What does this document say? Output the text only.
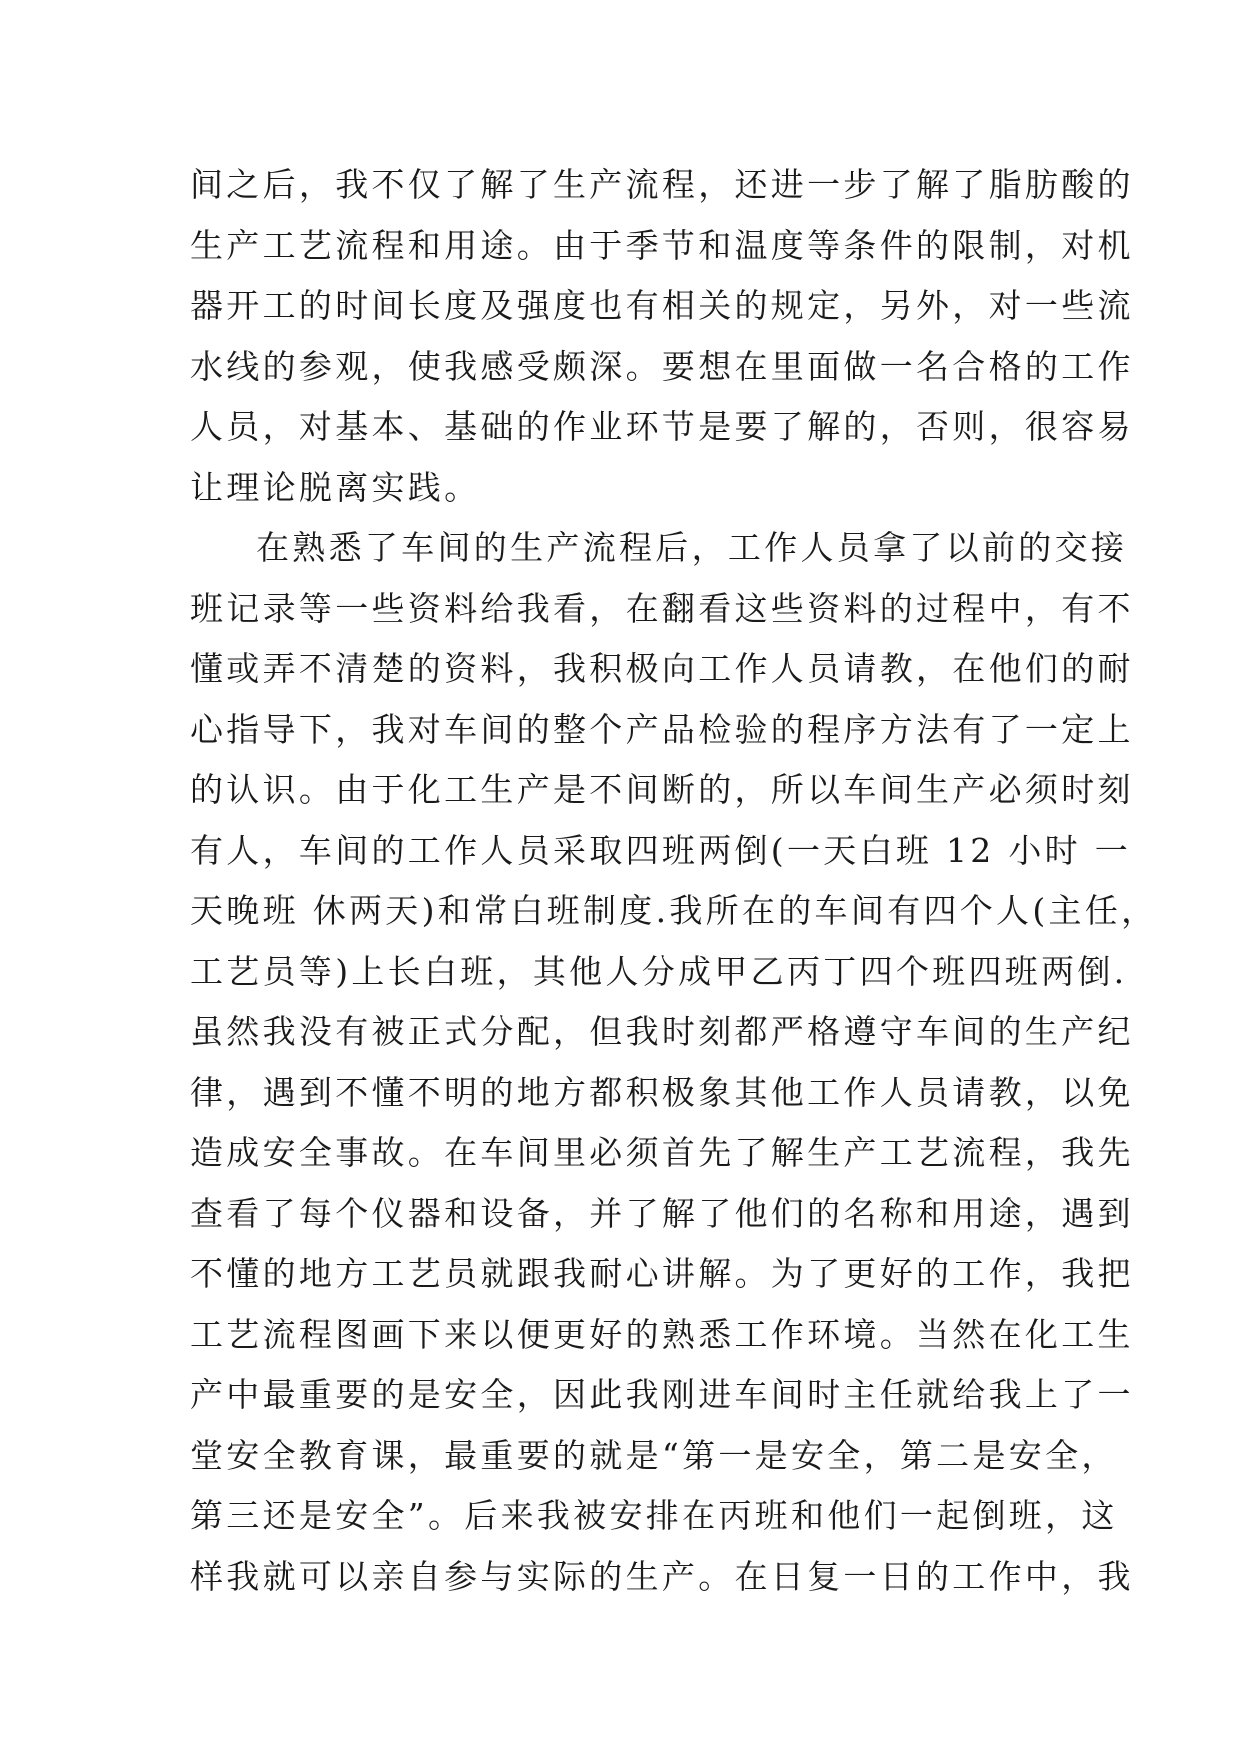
间之后，我不仅了解了生产流程，还进一步了解了脂肪酸的
生产工艺流程和用途。由于季节和温度等条件的限制，对机
器开工的时间长度及强度也有相关的规定，另外，对一些流
水线的参观，使我感受颇深。要想在里面做一名合格的工作
人员，对基本、基础的作业环节是要了解的，否则，很容易
让理论脱离实践。
在熟悉了车间的生产流程后，工作人员拿了以前的交接
班记录等一些资料给我看，在翻看这些资料的过程中，有不
懂或弄不清楚的资料，我积极向工作人员请教，在他们的耐
心指导下，我对车间的整个产品检验的程序方法有了一定上
的认识。由于化工生产是不间断的，所以车间生产必须时刻
有人，车间的工作人员采取四班两倒(一天白班 12 小时 一
天晚班 休两天)和常白班制度.我所在的车间有四个人(主任，
工艺员等)上长白班，其他人分成甲乙丙丁四个班四班两倒.
虽然我没有被正式分配，但我时刻都严格遵守车间的生产纪
律，遇到不懂不明的地方都积极象其他工作人员请教，以免
造成安全事故。在车间里必须首先了解生产工艺流程，我先
查看了每个仪器和设备，并了解了他们的名称和用途，遇到
不懂的地方工艺员就跟我耐心讲解。为了更好的工作，我把
工艺流程图画下来以便更好的熟悉工作环境。当然在化工生
产中最重要的是安全，因此我刚进车间时主任就给我上了一
堂安全教育课，最重要的就是“第一是安全，第二是安全，
第三还是安全”。后来我被安排在丙班和他们一起倒班，这
样我就可以亲自参与实际的生产。在日复一日的工作中，我
